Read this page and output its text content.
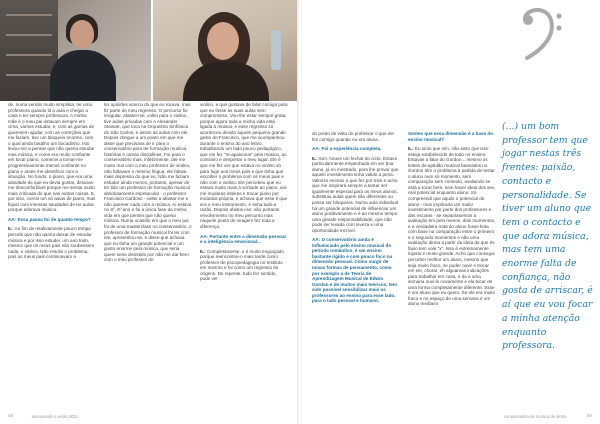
de, numa versão muito simplista, ter uma professora quando lá a aula e chegar a casa e ter sempre professora. A minha mãe é o meu pai estavam sempre em cima, vamos estudar, e, com as gamas de querenem ajudar, com as correções que me faziam, tive um bloqueio enorme, com o qual ainda batalho um bocadinho. Isto levou-me a pensar que não queria estudar mas música, e como era muito confiante em tocar piano, comecei a tomar-me progressivamente menos confiante no piano e antes me identificar com a situação. No fundo, o piano, que era uma atividade de que eu devia gostar, deixava-me desconfortável porque me sentia muito mais criticada do que nas outras coisas. E, por isso, corrini um só aulas de piano, mas fiquei com imensas saudades de ter aulas porque adorava música.

AA: Essa pausa foi de quanto tempo?

IL: Ao fim de relativamente pouco tempo percebi que não queria deixar de estudar música e por isso estudei, um ano todo, mesmo que os meus pais não soubessem nada, o violino. Não resolvi o problema, pois os meus pais continuavam a

ter opiniões acerca do que eu tocava, mas fiz parte do meu regresso. O percurso foi irregular, afastei-me, voltei para o violino, tive aulas privadas com o Alexander Stewart, que toca na Orquestra Sinfónica do São Carlos, e assim as aulas com ele. Depois chegue a um ponto em que me disse que precisava de ir para o conservatório para ter formação musical, histórias e outras disciplinas. Foi para o conservatório mas, infelizmente, dei-me muito mal com o meu professor de violino, não faltavam o mesmo língua, ele falava mais depressa do que eu. Não me faziam estudar ainda menos, portanto, apesar de ter tido um professor de formação musical absolutamente espetacular - o professor Francisco Cardoso - voltei a afastar-me e não quereer nada com a música. Aí estava no 8º, 9º ano e foi a única fase da minha vida em que pensei que não queria música. Numa ocasião em que o meu pai foi de uma masterclass no conservatório, o professor de formação musical foi ter com ele, apresentou-se, e disse-que achava que eu tinha um grande potencial e um gosto enorme pela música, que seria quem seria desistido por não me dar bem com o meu professor de

violino, e que gostava de falar comigo para que eu fosse às suas aulas sem compromisso. Vou-lhe estar sempre grata, porque agora toda a minha vida está ligada à música, e esse regresso só aconteceu devido àquele pequeno grande gesto do Francisco, que me acompanhou durante o ensino do ano letivo, trabalhando um lado pouco pedagógico, que me fez "re-apaixonar" pela música, ao contrário e despertar o meu lugar. Ele é que me fez ver que estava no violino só para fugir aos meus pais e que tinha que escolher o problema com os meus pais e não com o violino. Ele percebeu que eu estava muito mais à vontade ao piano, vai-me mudaras inteiras e trocar piano por iniciativa própria, e achava que esse é que era o meu instrumento, e tinha toda a razão. Depois afastou-se: não portanto envolvimento no meu percurso mas naquele ponto de viragem fez toda a diferença.

AA: Portanto entre a dimensão pessoal e a inteligência emocional...

IL: Completamente, e é muito engraçado porque reencontrei-o mais tarde como professor de psicopedagogia no Instituto em mesmo e foi como um regresso às origens. De repente, tudo fez sentido, pude ver

ƨƨ	amanuendo | verão 2021

do ponto de vista do professor o que ele fez comigo quando eu era aluna.

AA: Foi a experiência completa.

IL: Sim, houve um fechar do ciclo. Estava particularmente empenhada em ser boa aluna, já no mestrado, para lhe provar que aquele investimento tinha valido a pena. Valorizo imenso o que fez por mim e acho que me inspirará sempre a tentar ser igualmente especial para os meus alunos, substituiu aulas quem são diferentes ou possa ser bloqueios. Numa aula individual há um grande potencial de influenciar um aluno positivamente e é ao mesmo tempo uma grande responsabilidade, que não pode ser levada com leveza e uma oportunidade incrível.

AA: O conservatório ainda é influenciado pelo ensino musical do período romântico, é um ensino bastante rígido e com pouco foco na dimensão pessoal. Como surgir de novas formas de pensamento, como por exemplo a de Teoria de Aprendizagem Musical de Edwin Gordon e de muitos mais teóricos, tem sido possível sensibilizar mais os professores ao ensino para esse lado, para o lado pessoal e humano.

Sentes que essa dimensão é a base do ensino musical?

IL: Eu sinto que sim, não sinto que isso esteja estabelecido de todo no ensino. Estavas a falar do Gordon... mesmo os testes de aptidão musical baseados no Gordon têm o problema à partida de testar o aluno num só momento, sem comparação sem contexto, avaliando se está a tocar bem, sem haver ideia dos seu real potencial enquanto aluno. Só compreendi que aquilo o potencial do aluno - mas implicaria um maior investimento por parte dos professores e das escolas - se separássemos a avaliação em pelo menos, dois momentos, e a verdadeira nota do aluno fosse feita com base na comparação entre o primeiro e o segundo momentos e não uma avaliação direta a partir da ideia de que és faxio tem vale "x". Isso é extremamente injusto e muito grande. Acho que consegui perceber melhor um aluno, mesmo que seja muito fraco, se puder ouvir e trocar em ele, chorar, eh alguamas indicações para trabalhar em casa, e da a uma semana ouvi-lo novamente e ela tocar de uma forma completamente diferente. Esse é um aluno que eu quero. Se ele era muito fraco e no espaço de uma semana é um aluno mediano

(...) um bom professor tem que jogar nestas três frentes: paixão, contacto e personalidade. Se tiver um aluno que tem o contacto e que adora música, mas tem uma enorme falta de confiança, não gosta de arriscar, é aí que eu vou focar a minha atenção enquanto professora.
conservatório de música de sintra	ƨƨ
